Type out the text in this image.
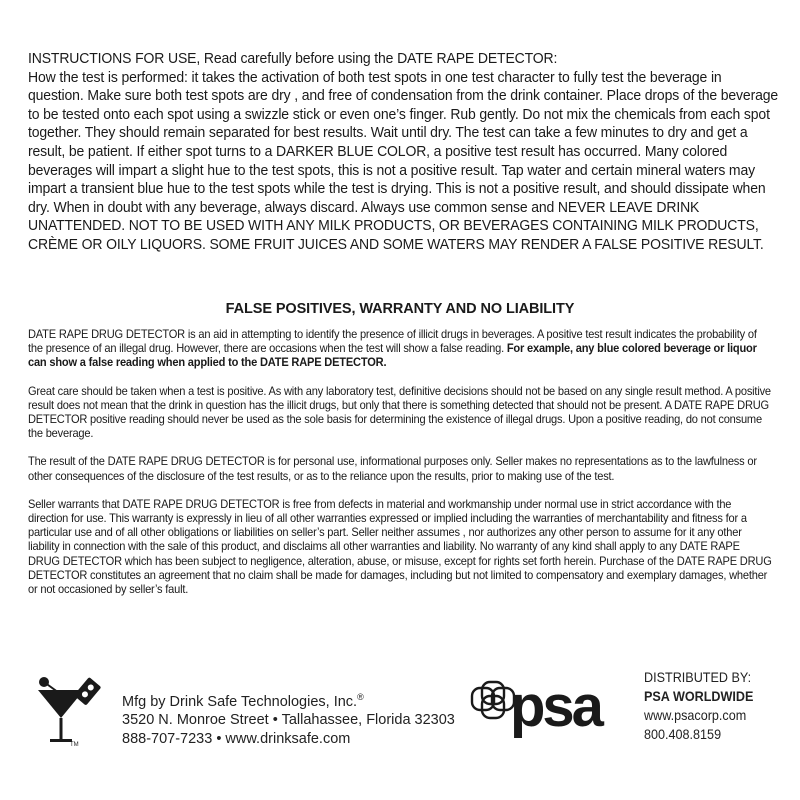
INSTRUCTIONS FOR USE, Read carefully before using the DATE RAPE DETECTOR:
How the test is performed: it takes the activation of both test spots in one test character to fully test the beverage in question. Make sure both test spots are dry , and free of condensation from the drink container. Place drops of the beverage to be tested onto each spot using a swizzle stick or even one’s finger. Rub gently. Do not mix the chemicals from each spot together. They should remain separated for best results. Wait until dry. The test can take a few minutes to dry and get a result, be patient. If either spot turns to a DARKER BLUE COLOR, a positive test result has occurred. Many colored beverages will impart a slight hue to the test spots, this is not a positive result. Tap water and certain mineral waters may impart a transient blue hue to the test spots while the test is drying. This is not a positive result, and should dissipate when dry. When in doubt with any beverage, always discard. Always use common sense and NEVER LEAVE DRINK UNATTENDED. NOT TO BE USED WITH ANY MILK PRODUCTS, OR BEVERAGES CONTAINING MILK PRODUCTS, CRÈME OR OILY LIQUORS. SOME FRUIT JUICES AND SOME WATERS MAY RENDER A FALSE POSITIVE RESULT.
FALSE POSITIVES, WARRANTY AND NO LIABILITY

DATE RAPE DRUG DETECTOR is an aid in attempting to identify the presence of illicit drugs in beverages. A positive test result indicates the probability of the presence of an illegal drug. However, there are occasions when the test will show a false reading. For example, any blue colored beverage or liquor can show a false reading when applied to the DATE RAPE DETECTOR.

Great care should be taken when a test is positive. As with any laboratory test, definitive decisions should not be based on any single result method. A positive result does not mean that the drink in question has the illicit drugs, but only that there is something detected that should not be present. A DATE RAPE DRUG DETECTOR positive reading should never be used as the sole basis for determining the existence of illegal drugs. Upon a positive reading, do not consume the beverage.

The result of the DATE RAPE DRUG DETECTOR is for personal use, informational purposes only. Seller makes no representations as to the lawfulness or other consequences of the disclosure of the test results, or as to the reliance upon the results, prior to making use of the test.

Seller warrants that DATE RAPE DRUG DETECTOR is free from defects in material and workmanship under normal use in strict accordance with the direction for use. This warranty is expressly in lieu of all other warranties expressed or implied including the warranties of merchantability and fitness for a particular use and of all other obligations or liabilities on seller’s part. Seller neither assumes , nor authorizes any other person to assume for it any other liability in connection with the sale of this product, and disclaims all other warranties and liability. No warranty of any kind shall apply to any DATE RAPE DRUG DETECTOR which has been subject to negligence, alteration, abuse, or misuse, except for rights set forth herein. Purchase of the DATE RAPE DRUG DETECTOR constitutes an agreement that no claim shall be made for damages, including but not limited to compensatory and exemplary damages, whether or not occasioned by seller’s fault.

TM
Mfg by Drink Safe Technologies, Inc.®
3520 N. Monroe Street • Tallahassee, Florida 32303
888-707-7233 • www.drinksafe.com
psa	DISTRIBUTED BY:
PSA WORLDWIDE
www.psacorp.com
800.408.8159
